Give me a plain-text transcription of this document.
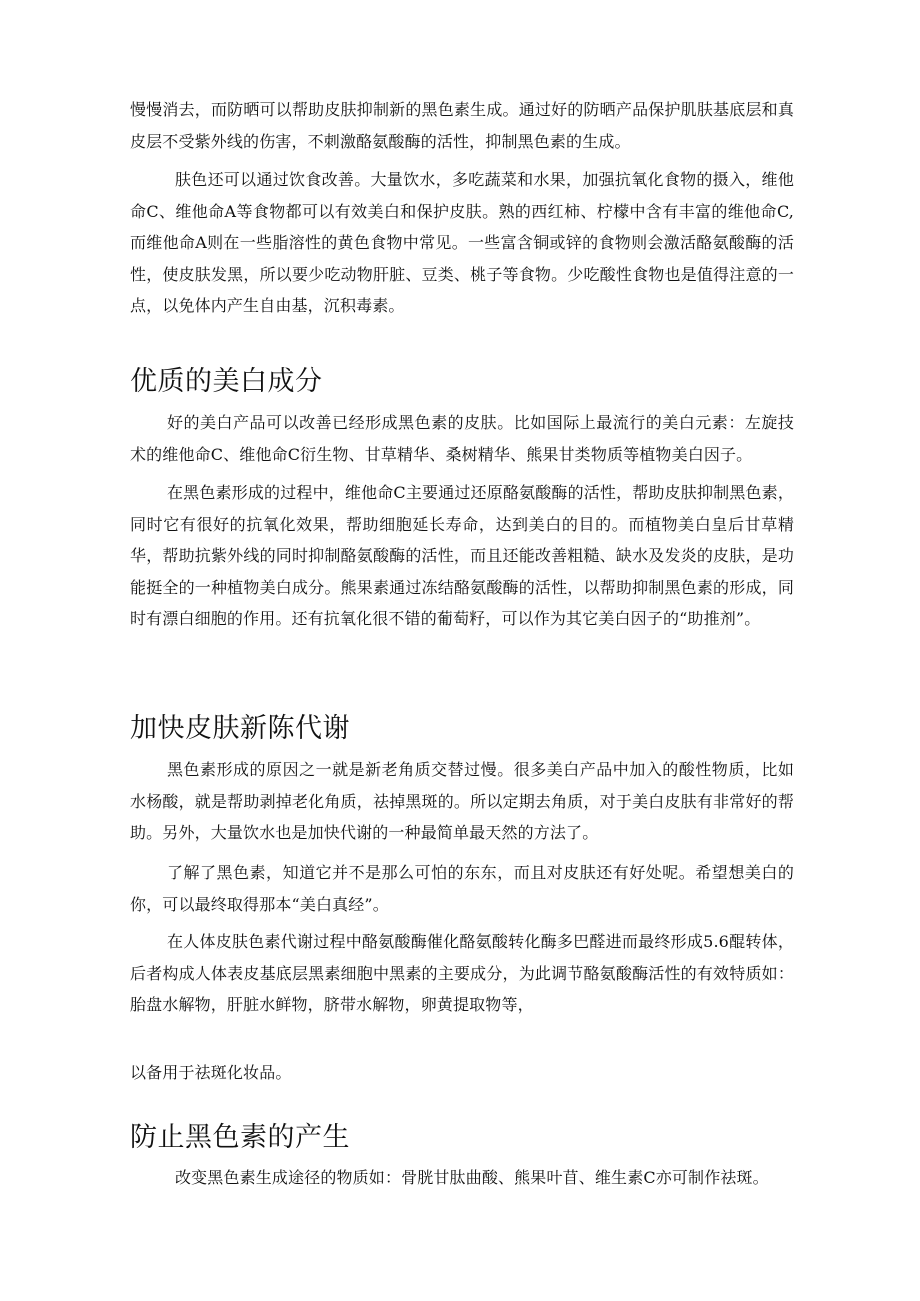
慢慢消去，而防晒可以帮助皮肤抑制新的黑色素生成。通过好的防晒产品保护肌肤基底层和真皮层不受紫外线的伤害，不刺激酪氨酸酶的活性，抑制黑色素的生成。

肤色还可以通过饮食改善。大量饮水，多吃蔬菜和水果，加强抗氧化食物的摄入，维他命C、维他命A等食物都可以有效美白和保护皮肤。熟的西红柿、柠檬中含有丰富的维他命C,而维他命A则在一些脂溶性的黄色食物中常见。一些富含铜或锌的食物则会激活酪氨酸酶的活性，使皮肤发黑，所以要少吃动物肝脏、豆类、桃子等食物。少吃酸性食物也是值得注意的一点，以免体内产生自由基，沉积毒素。

优质的美白成分

好的美白产品可以改善已经形成黑色素的皮肤。比如国际上最流行的美白元素：左旋技术的维他命C、维他命C衍生物、甘草精华、桑树精华、熊果甘类物质等植物美白因子。

在黑色素形成的过程中，维他命C主要通过还原酪氨酸酶的活性，帮助皮肤抑制黑色素，同时它有很好的抗氧化效果，帮助细胞延长寿命，达到美白的目的。而植物美白皇后甘草精华，帮助抗紫外线的同时抑制酪氨酸酶的活性，而且还能改善粗糙、缺水及发炎的皮肤，是功能挺全的一种植物美白成分。熊果素通过冻结酪氨酸酶的活性，以帮助抑制黑色素的形成，同时有漂白细胞的作用。还有抗氧化很不错的葡萄籽，可以作为其它美白因子的“助推剂”。

加快皮肤新陈代谢

黑色素形成的原因之一就是新老角质交替过慢。很多美白产品中加入的酸性物质，比如水杨酸，就是帮助剥掉老化角质，祛掉黑斑的。所以定期去角质，对于美白皮肤有非常好的帮助。另外，大量饮水也是加快代谢的一种最简单最天然的方法了。

了解了黑色素，知道它并不是那么可怕的东东，而且对皮肤还有好处呢。希望想美白的你，可以最终取得那本“美白真经”。

在人体皮肤色素代谢过程中酪氨酸酶催化酪氨酸转化酶多巴醛进而最终形成5.6醌转体，后者构成人体表皮基底层黑素细胞中黑素的主要成分，为此调节酪氨酸酶活性的有效特质如：胎盘水解物，肝脏水鲜物，脐带水解物，卵黄提取物等，

以备用于祛斑化妆品。

防止黑色素的产生

改变黑色素生成途径的物质如：骨胱甘肽曲酸、熊果叶苜、维生素C亦可制作祛斑。
